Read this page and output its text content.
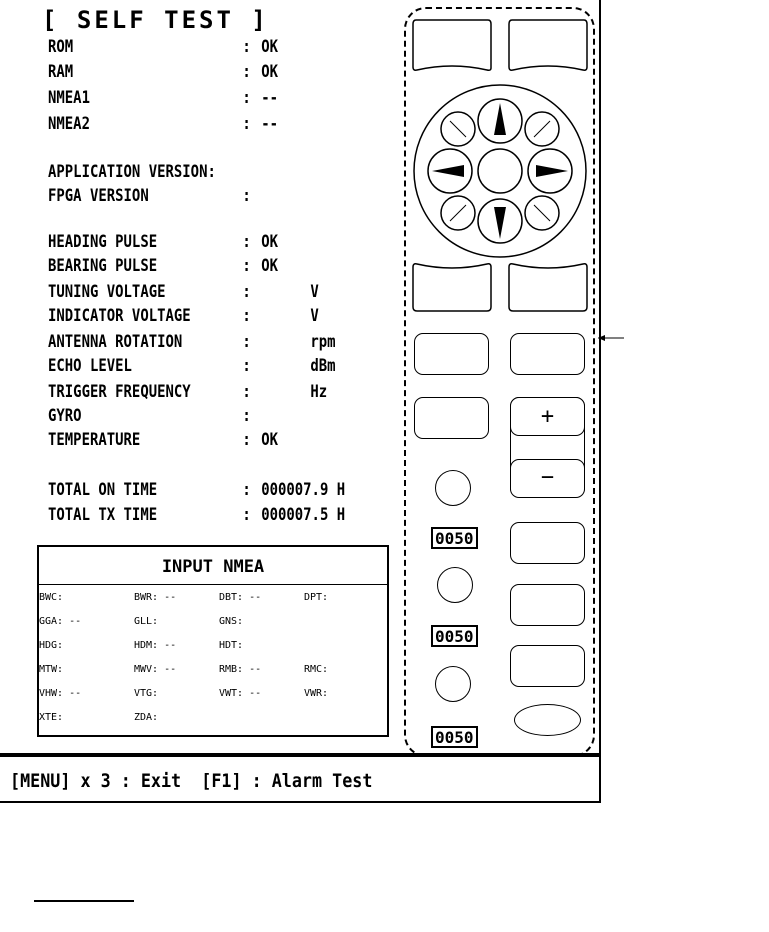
[ SELF TEST ]
ROM	: OK
RAM	: OK
NMEA1	: --
NMEA2	: --
APPLICATION VERSION:
FPGA VERSION	:
HEADING PULSE	: OK
BEARING PULSE	: OK
TUNING VOLTAGE	:	V
INDICATOR VOLTAGE	:	V
ANTENNA ROTATION	:	rpm
ECHO LEVEL	:	dBm
TRIGGER FREQUENCY	:	Hz
GYRO	:
TEMPERATURE	: OK
TOTAL ON TIME	: 000007.9 H
TOTAL TX TIME	: 000007.5 H
INPUT NMEA
BWC:	BWR: --	DBT: --	DPT:
GGA: --	GLL:	GNS:
HDG:	HDM: --	HDT:
MTW:	MWV: --	RMB: --	RMC:
VHW: --	VTG:	VWT: --	VWR:
XTE:	ZDA:
[MENU] x 3 : Exit  [F1] : Alarm Test
+
−
0050
0050
0050
